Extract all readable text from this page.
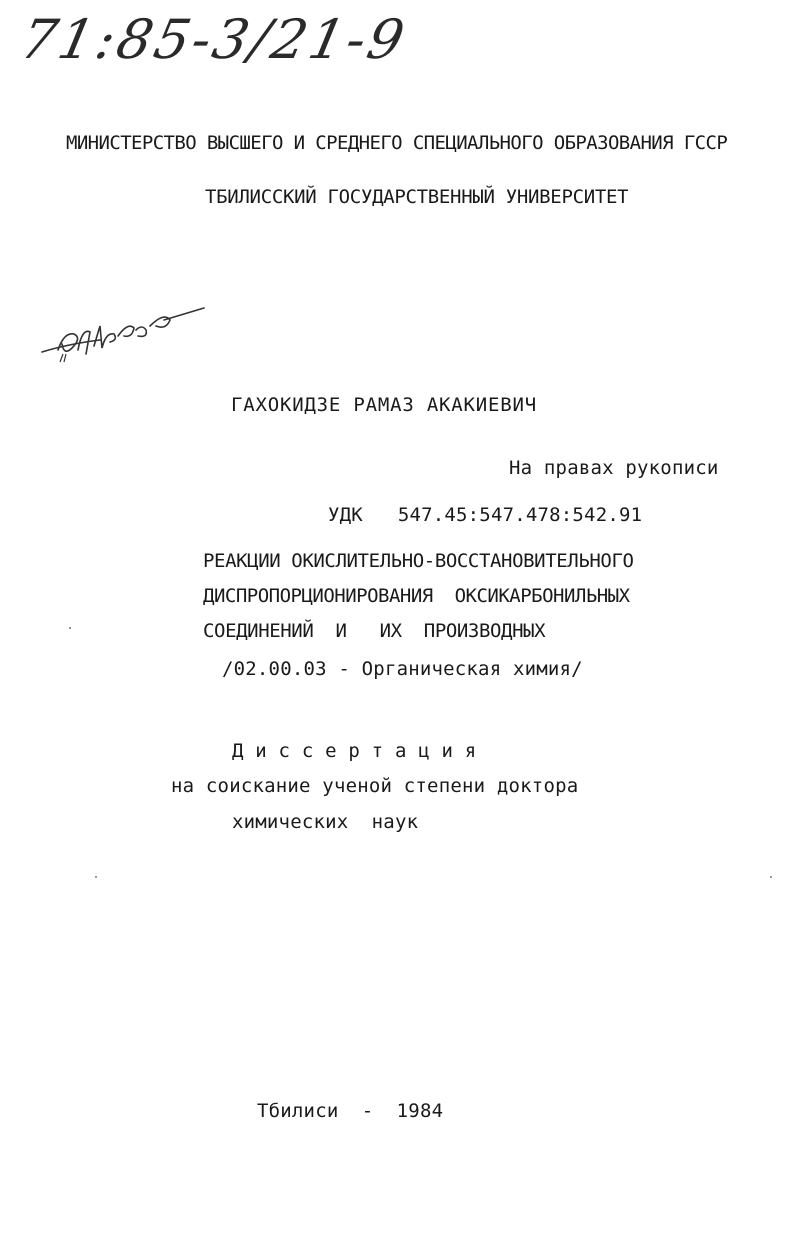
71:85-3/21-9
МИНИСТЕРСТВО ВЫСШЕГО И СРЕДНЕГО СПЕЦИАЛЬНОГО ОБРАЗОВАНИЯ ГССР
ТБИЛИССКИЙ ГОСУДАРСТВЕННЫЙ УНИВЕРСИТЕТ
ГАХОКИДЗЕ РАМАЗ АКАКИЕВИЧ
На правах рукописи
УДК   547.45:547.478:542.91
РЕАКЦИИ ОКИСЛИТЕЛЬНО-ВОССТАНОВИТЕЛЬНОГО
ДИСПРОПОРЦИОНИРОВАНИЯ  ОКСИКАРБОНИЛЬНЫХ
СОЕДИНЕНИЙ  И   ИХ  ПРОИЗВОДНЫХ
/02.00.03 - Органическая химия/
Д и с с е р т а ц и я
на соискание ученой степени доктора
химических  наук
Тбилиси  -  1984
